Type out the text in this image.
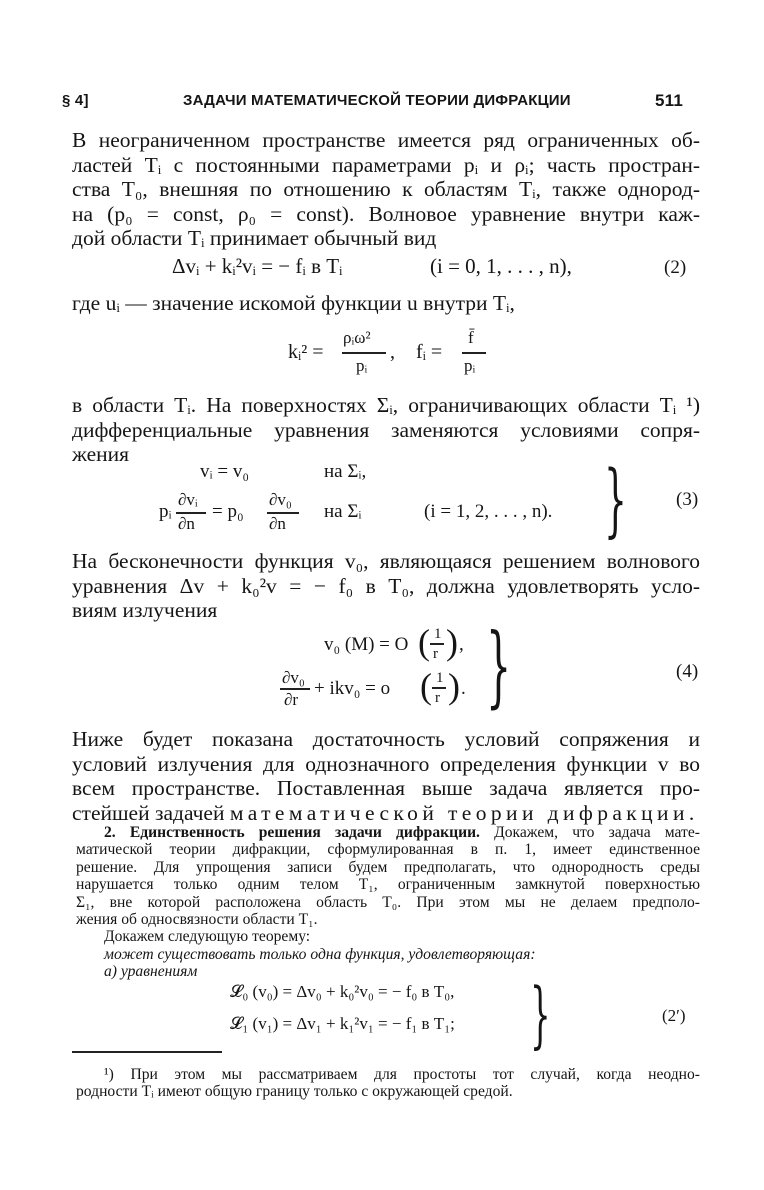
§ 4]	ЗАДАЧИ МАТЕМАТИЧЕСКОЙ ТЕОРИИ ДИФРАКЦИИ	511
В неограниченном пространстве имеется ряд ограниченных об-
ластей Tᵢ с постоянными параметрами pᵢ и ρᵢ; часть простран-
ства T₀, внешняя по отношению к областям Tᵢ, также однород-
на (p₀ = const, ρ₀ = const). Волновое уравнение внутри каж-
дой области Tᵢ принимает обычный вид
Δvᵢ + kᵢ²vᵢ = − fᵢ в Tᵢ	(i = 0, 1, . . . , n),	(2)
где uᵢ — значение искомой функции u внутри Tᵢ,
kᵢ² =
ρᵢω²
pᵢ
, fᵢ =
f̄
pᵢ
в области Tᵢ. На поверхностях Σᵢ, ограничивающих области Tᵢ ¹)
дифференциальные уравнения заменяются условиями сопря-
жения
vᵢ = v₀	на Σᵢ,
pᵢ
∂vᵢ
∂n
= p₀
∂v₀
∂n
на Σᵢ	(i = 1, 2, . . . , n). }	(3)
На бесконечности функция v₀, являющаяся решением волнового
уравнения Δv + k₀²v = − f₀ в T₀, должна удовлетворять усло-
виям излучения
v₀ (M) = O ( 1
r ) ,
∂v₀
∂r
+ ikv₀ = o ( 1
r ) . }	(4)
Ниже будет показана достаточность условий сопряжения и
условий излучения для однозначного определения функции v во
всем пространстве. Поставленная выше задача является про-
стейшей задачей математической теории дифракции.
2. Единственность решения задачи дифракции. Докажем, что задача мате-
матической теории дифракции, сформулированная в п. 1, имеет единственное
решение. Для упрощения записи будем предполагать, что однородность среды
нарушается только одним телом T₁, ограниченным замкнутой поверхностью
Σ₁, вне которой расположена область T₀. При этом мы не делаем предполо-
жения об односвязности области T₁.
Докажем следующую теорему:
может существовать только одна функция, удовлетворяющая:
а) уравнениям
𝓛₀ (v₀) = Δv₀ + k₀²v₀ = − f₀ в T₀,
𝓛₁ (v₁) = Δv₁ + k₁²v₁ = − f₁ в T₁; }	(2′)
¹) При этом мы рассматриваем для простоты тот случай, когда неодно-
родности Tᵢ имеют общую границу только с окружающей средой.
